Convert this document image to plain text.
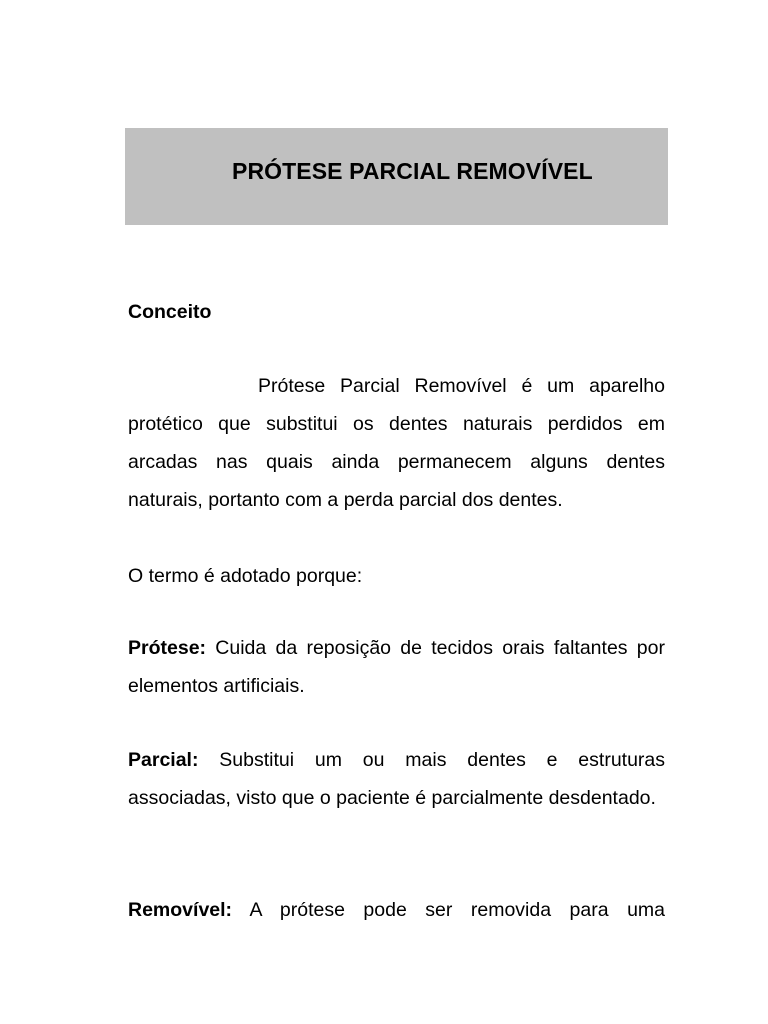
PRÓTESE PARCIAL REMOVÍVEL
Conceito

Prótese Parcial Removível é um aparelho protético que substitui os dentes naturais perdidos em arcadas nas quais ainda permanecem alguns dentes naturais, portanto com a perda parcial dos dentes.

O termo é adotado porque:

Prótese: Cuida da reposição de tecidos orais faltantes por elementos artificiais.

Parcial: Substitui um ou mais dentes e estruturas associadas, visto que o paciente é parcialmente desdentado.

Removível: A prótese pode ser removida para uma
